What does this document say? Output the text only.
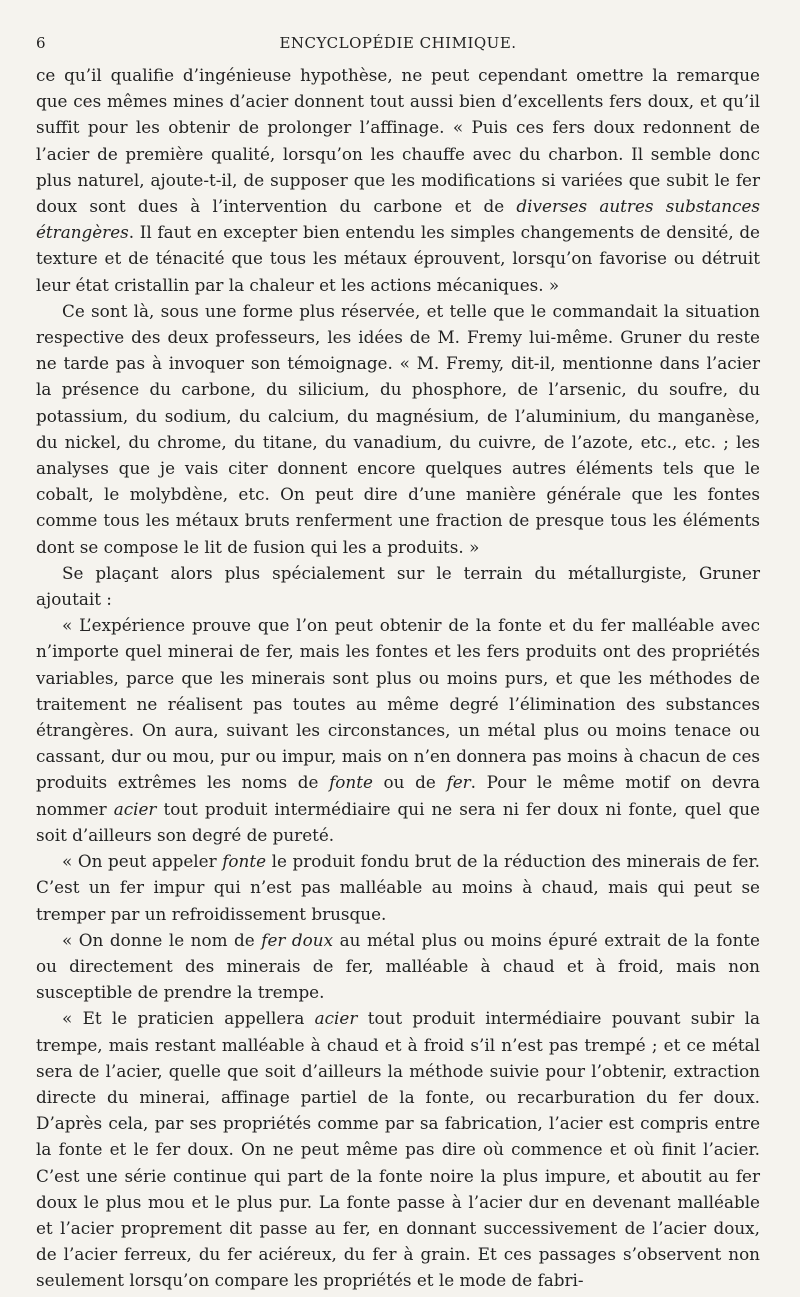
6	ENCYCLOPÉDIE CHIMIQUE.

ce qu’il qualifie d’ingénieuse hypothèse, ne peut cependant omettre la remarque que ces mêmes mines d’acier donnent tout aussi bien d’excellents fers doux, et qu’il suffit pour les obtenir de prolonger l’affinage. « Puis ces fers doux redonnent de l’acier de première qualité, lorsqu’on les chauffe avec du charbon. Il semble donc plus naturel, ajoute-t-il, de supposer que les modifications si variées que subit le fer doux sont dues à l’intervention du carbone et de diverses autres substances étrangères. Il faut en excepter bien entendu les simples changements de densité, de texture et de ténacité que tous les métaux éprouvent, lorsqu’on favorise ou détruit leur état cristallin par la chaleur et les actions mécaniques. »

Ce sont là, sous une forme plus réservée, et telle que le commandait la situation respective des deux professeurs, les idées de M. Fremy lui-même. Gruner du reste ne tarde pas à invoquer son témoignage. « M. Fremy, dit-il, mentionne dans l’acier la présence du carbone, du silicium, du phosphore, de l’arsenic, du soufre, du potassium, du sodium, du calcium, du magnésium, de l’aluminium, du manganèse, du nickel, du chrome, du titane, du vanadium, du cuivre, de l’azote, etc., etc. ; les analyses que je vais citer donnent encore quelques autres éléments tels que le cobalt, le molybdène, etc. On peut dire d’une manière générale que les fontes comme tous les métaux bruts renferment une fraction de presque tous les éléments dont se compose le lit de fusion qui les a produits. »

Se plaçant alors plus spécialement sur le terrain du métallurgiste, Gruner ajoutait :

« L’expérience prouve que l’on peut obtenir de la fonte et du fer malléable avec n’importe quel minerai de fer, mais les fontes et les fers produits ont des propriétés variables, parce que les minerais sont plus ou moins purs, et que les méthodes de traitement ne réalisent pas toutes au même degré l’élimination des substances étrangères. On aura, suivant les circonstances, un métal plus ou moins tenace ou cassant, dur ou mou, pur ou impur, mais on n’en donnera pas moins à chacun de ces produits extrêmes les noms de fonte ou de fer. Pour le même motif on devra nommer acier tout produit intermédiaire qui ne sera ni fer doux ni fonte, quel que soit d’ailleurs son degré de pureté.

« On peut appeler fonte le produit fondu brut de la réduction des minerais de fer. C’est un fer impur qui n’est pas malléable au moins à chaud, mais qui peut se tremper par un refroidissement brusque.

« On donne le nom de fer doux au métal plus ou moins épuré extrait de la fonte ou directement des minerais de fer, malléable à chaud et à froid, mais non susceptible de prendre la trempe.

« Et le praticien appellera acier tout produit intermédiaire pouvant subir la trempe, mais restant malléable à chaud et à froid s’il n’est pas trempé ; et ce métal sera de l’acier, quelle que soit d’ailleurs la méthode suivie pour l’obtenir, extraction directe du minerai, affinage partiel de la fonte, ou recarburation du fer doux. D’après cela, par ses propriétés comme par sa fabrication, l’acier est compris entre la fonte et le fer doux. On ne peut même pas dire où commence et où finit l’acier. C’est une série continue qui part de la fonte noire la plus impure, et aboutit au fer doux le plus mou et le plus pur. La fonte passe à l’acier dur en devenant malléable et l’acier proprement dit passe au fer, en donnant successivement de l’acier doux, de l’acier ferreux, du fer aciéreux, du fer à grain. Et ces passages s’observent non seulement lorsqu’on compare les propriétés et le mode de fabri-
